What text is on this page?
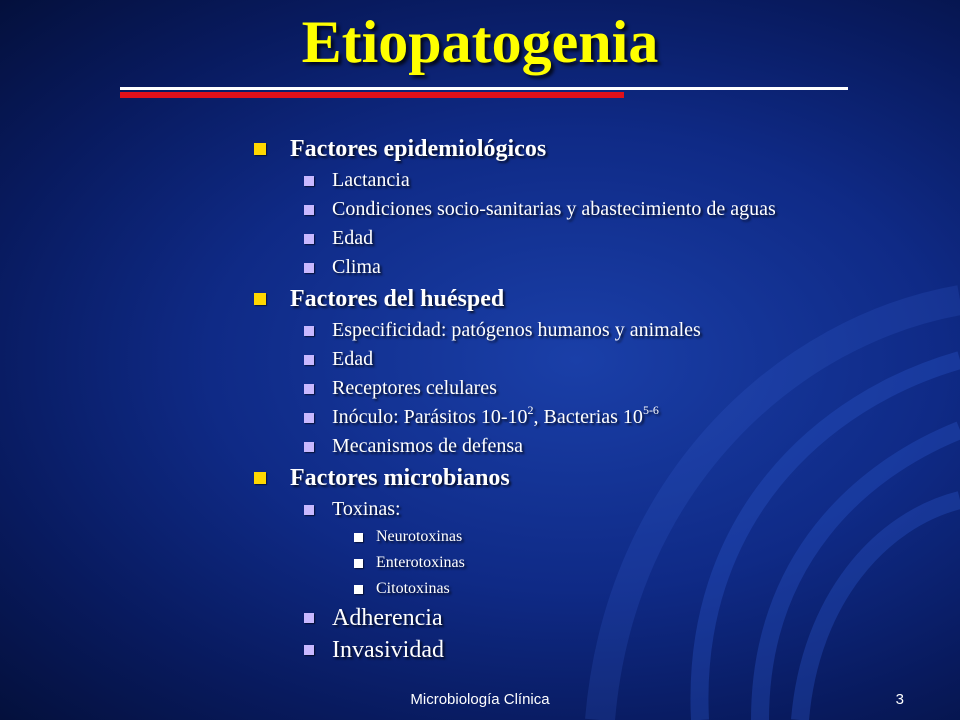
Etiopatogenia
Factores epidemiológicos
Lactancia
Condiciones socio-sanitarias y abastecimiento de aguas
Edad
Clima
Factores del huésped
Especificidad: patógenos humanos y animales
Edad
Receptores celulares
Inóculo: Parásitos $10-10^2$, Bacterias 10$^{5-6}$
Mecanismos de defensa
Factores microbianos
Toxinas:
Neurotoxinas
Enterotoxinas
Citotoxinas
Adherencia
Invasividad
Microbiología Clínica	3
